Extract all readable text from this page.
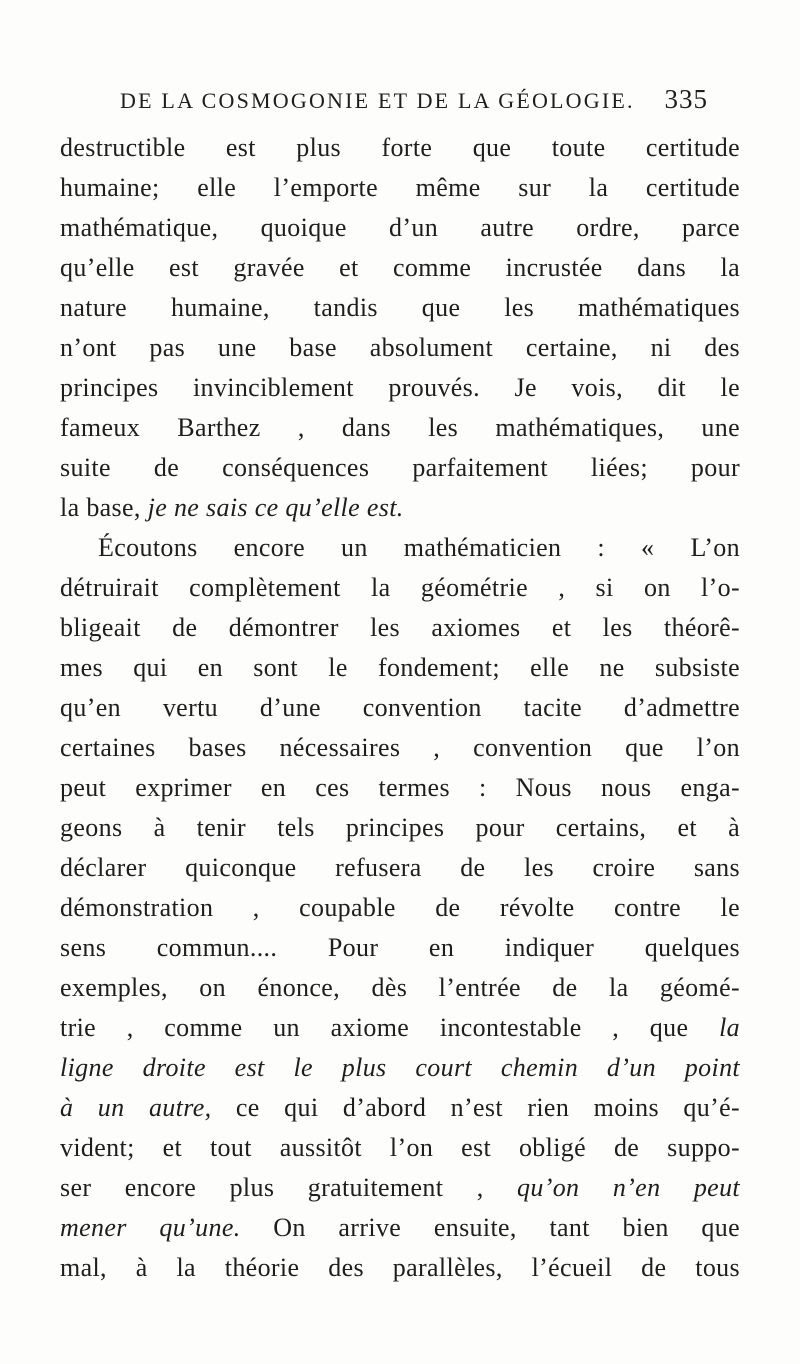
DE LA COSMOGONIE ET DE LA GÉOLOGIE. 335
destructible est plus forte que toute certitude
humaine; elle l’emporte même sur la certitude
mathématique, quoique d’un autre ordre, parce
qu’elle est gravée et comme incrustée dans la
nature humaine, tandis que les mathématiques
n’ont pas une base absolument certaine, ni des
principes invinciblement prouvés. Je vois, dit le
fameux Barthez , dans les mathématiques, une
suite de conséquences parfaitement liées; pour
la base, je ne sais ce qu’elle est.
Écoutons encore un mathématicien : « L’on
détruirait complètement la géométrie , si on l’o-
bligeait de démontrer les axiomes et les théorê-
mes qui en sont le fondement; elle ne subsiste
qu’en vertu d’une convention tacite d’admettre
certaines bases nécessaires , convention que l’on
peut exprimer en ces termes : Nous nous enga-
geons à tenir tels principes pour certains, et à
déclarer quiconque refusera de les croire sans
démonstration , coupable de révolte contre le
sens commun.... Pour en indiquer quelques
exemples, on énonce, dès l’entrée de la géomé-
trie , comme un axiome incontestable , que la
ligne droite est le plus court chemin d’un point
à un autre, ce qui d’abord n’est rien moins qu’é-
vident; et tout aussitôt l’on est obligé de suppo-
ser encore plus gratuitement , qu’on n’en peut
mener qu’une. On arrive ensuite, tant bien que
mal, à la théorie des parallèles, l’écueil de tous
